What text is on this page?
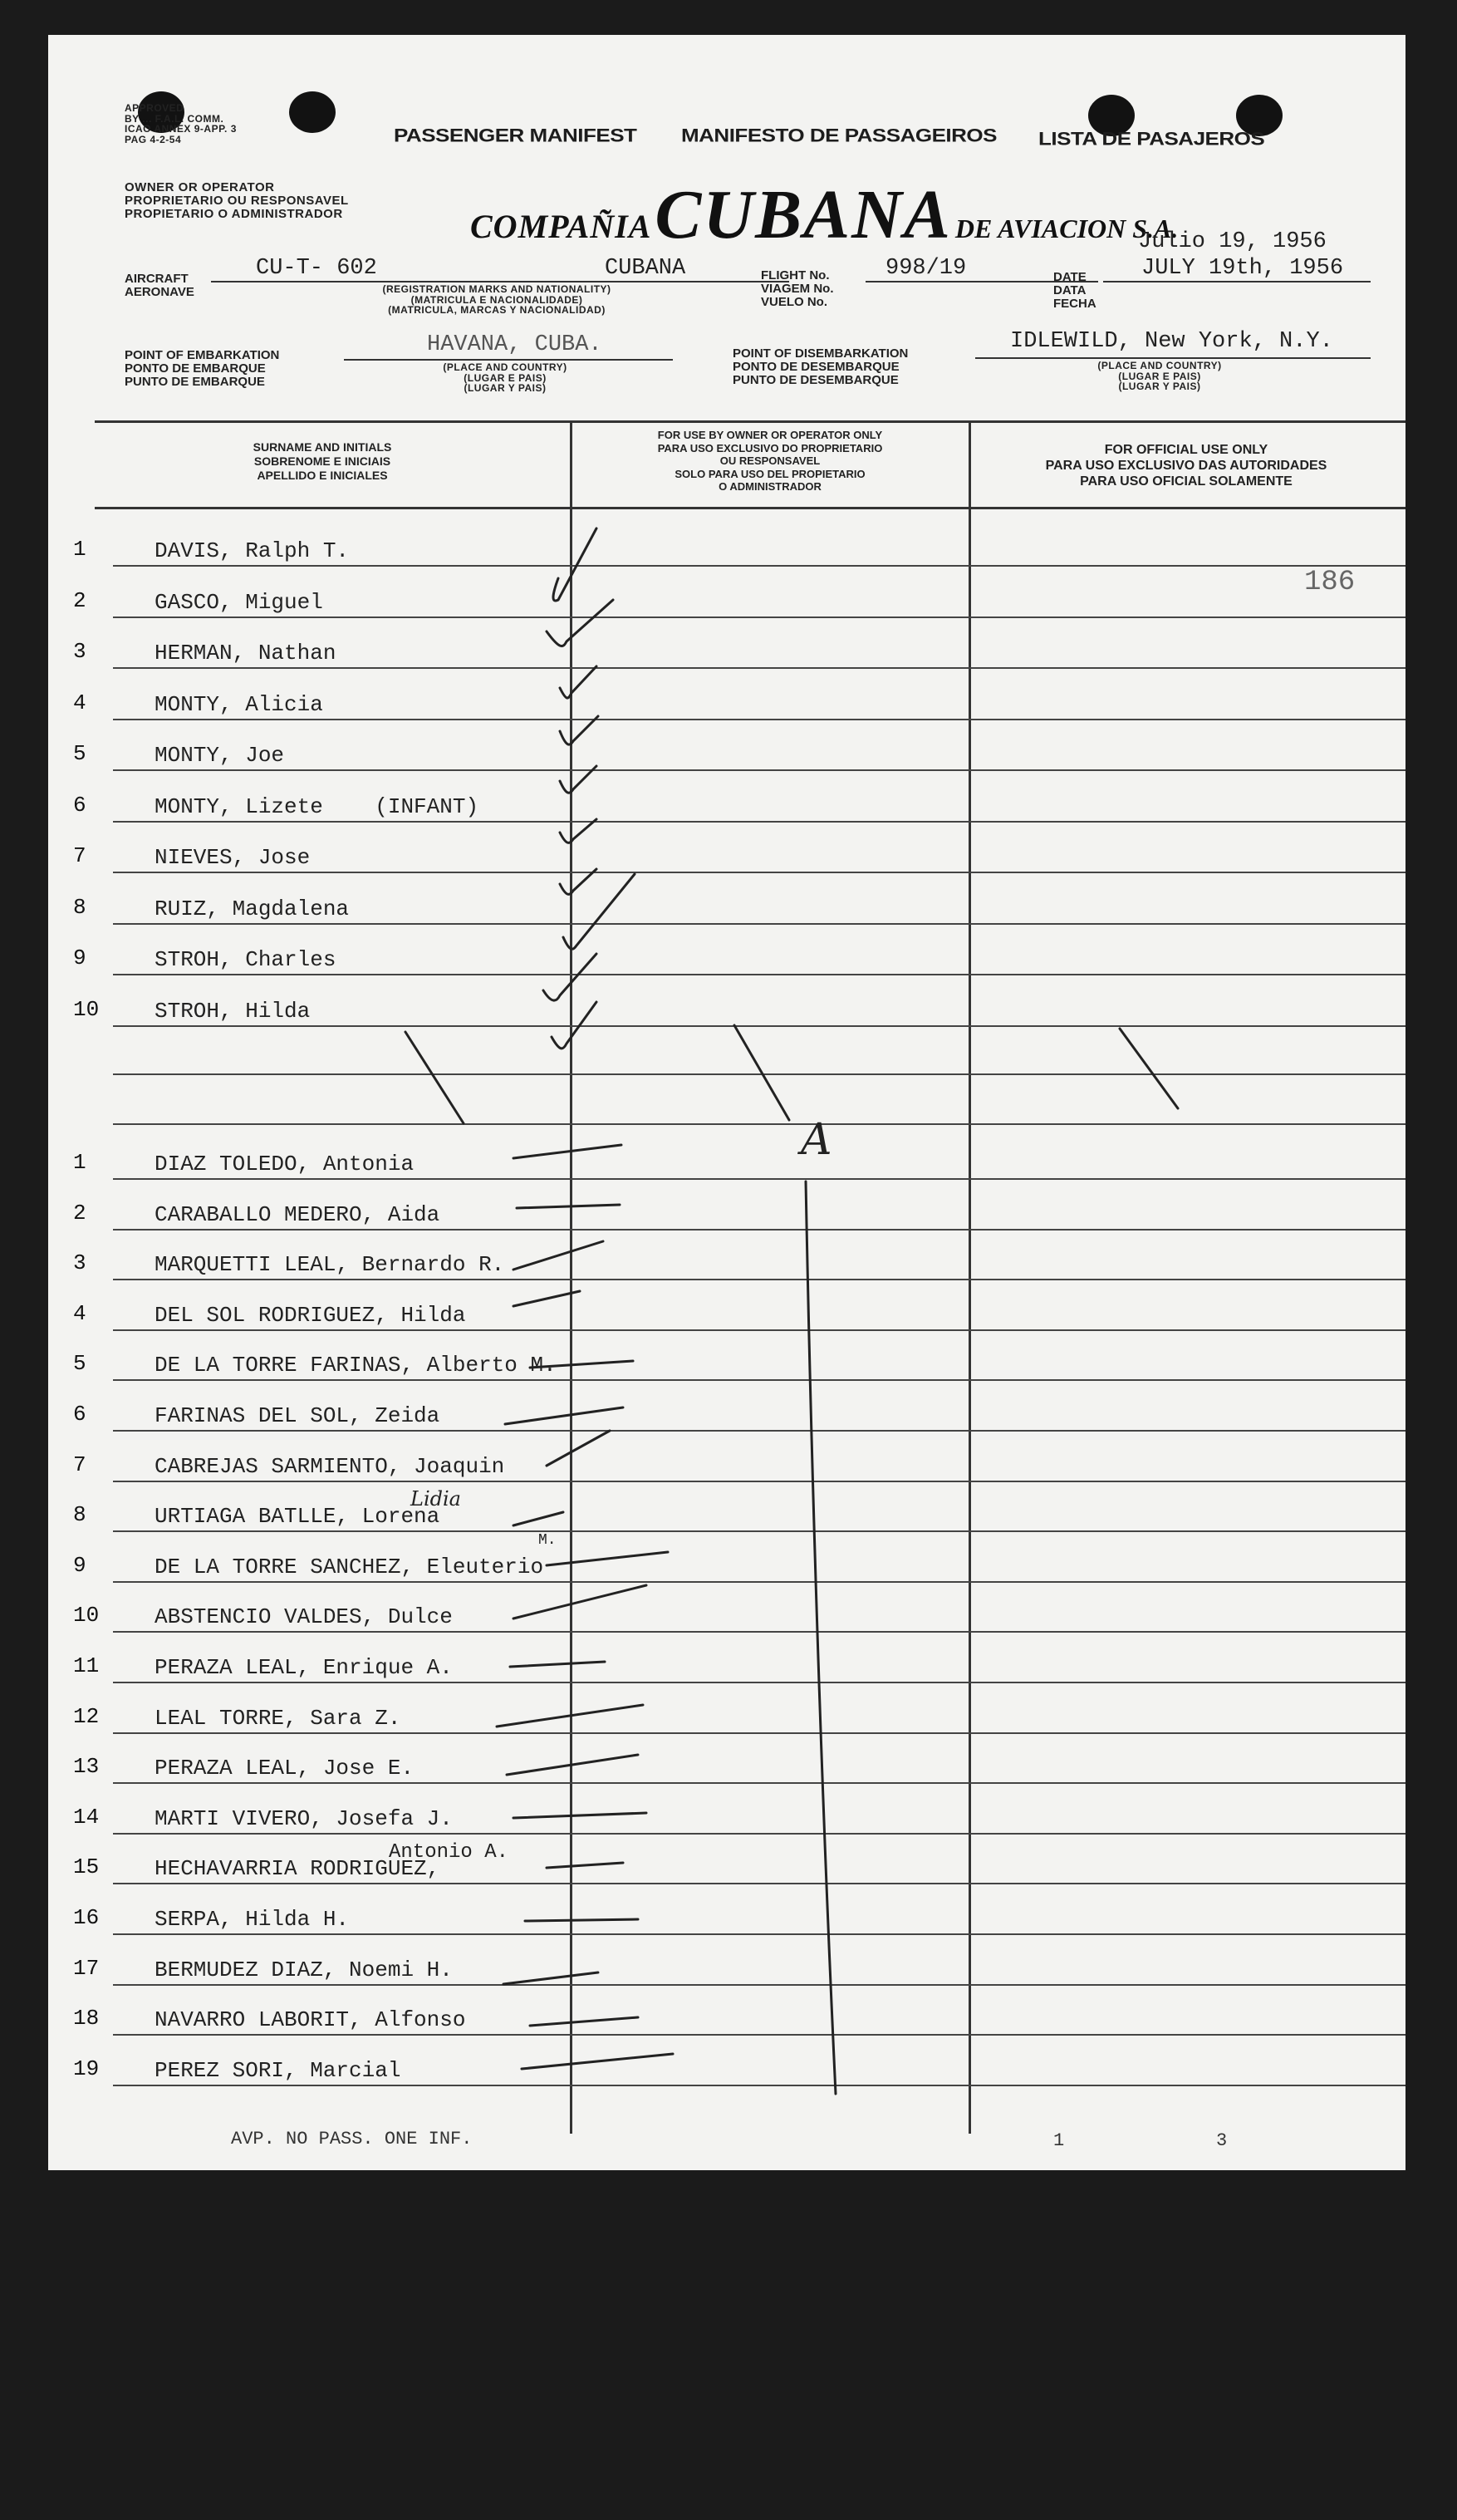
APPROVED
BY ... F.A.L. COMM.
ICAO ANNEX 9-APP. 3
PAG 4-2-54	PASSENGER MANIFEST MANIFESTO DE PASSAGEIROS LISTA DE PASAJEROS
OWNER OR OPERATOR
PROPRIETARIO OU RESPONSAVEL
PROPIETARIO O ADMINISTRADOR	COMPAÑIA CUBANA DE AVIACION S.A.
Julio 19, 1956
JULY 19th, 1956
AIRCRAFT
AERONAVE
CU-T- 602	CUBANA
(REGISTRATION MARKS AND NATIONALITY)
(MATRICULA E NACIONALIDADE)
(MATRICULA, MARCAS Y NACIONALIDAD)
FLIGHT No.
VIAGEM No.
VUELO No.
998/19	DATE
DATA
FECHA
POINT OF EMBARKATION
PONTO DE EMBARQUE
PUNTO DE EMBARQUE
HAVANA, CUBA.
(PLACE AND COUNTRY)
(LUGAR E PAIS)
(LUGAR Y PAIS)
POINT OF DISEMBARKATION
PONTO DE DESEMBARQUE
PUNTO DE DESEMBARQUE
IDLEWILD, New York, N.Y.
(PLACE AND COUNTRY)
(LUGAR E PAIS)
(LUGAR Y PAIS)
SURNAME AND INITIALS
SOBRENOME E INICIAIS
APELLIDO E INICIALES
FOR USE BY OWNER OR OPERATOR ONLY
PARA USO EXCLUSIVO DO PROPRIETARIO
OU RESPONSAVEL
SOLO PARA USO DEL PROPIETARIO
O ADMINISTRADOR
FOR OFFICIAL USE ONLY
PARA USO EXCLUSIVO DAS AUTORIDADES
PARA USO OFICIAL SOLAMENTE
186
1	DAVIS, Ralph T.
2	GASCO, Miguel
3	HERMAN, Nathan
4	MONTY, Alicia
5	MONTY, Joe
6	MONTY, Lizete    (INFANT)
7	NIEVES, Jose
8	RUIZ, Magdalena
9	STROH, Charles
10	STROH, Hilda
1	DIAZ TOLEDO, Antonia
2	CARABALLO MEDERO, Aida
3	MARQUETTI LEAL, Bernardo R.
4	DEL SOL RODRIGUEZ, Hilda
5	DE LA TORRE FARINAS, Alberto M.
6	FARINAS DEL SOL, Zeida
7	CABREJAS SARMIENTO, Joaquin
8	URTIAGA BATLLE, Lorena
9	DE LA TORRE SANCHEZ, Eleuterio
10	ABSTENCIO VALDES, Dulce
11	PERAZA LEAL, Enrique A.
12	LEAL TORRE, Sara Z.
13	PERAZA LEAL, Jose E.
14	MARTI VIVERO, Josefa J.
15	HECHAVARRIA RODRIGUEZ,
16	SERPA, Hilda H.
17	BERMUDEZ DIAZ, Noemi H.
18	NAVARRO LABORIT, Alfonso
19	PEREZ SORI, Marcial
M.
Antonio A.
Lidia
A
AVP. NO PASS. ONE INF.	1	3
